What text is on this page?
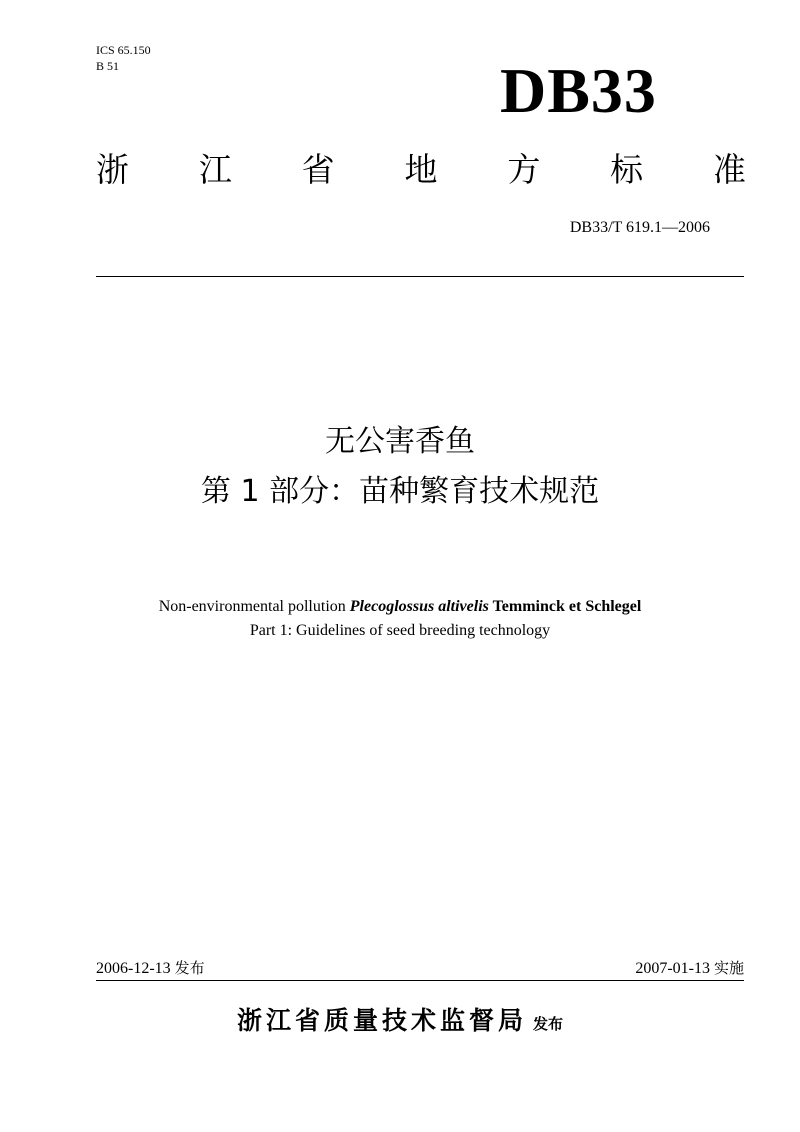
ICS 65.150
B 51	DB33
浙 江 省 地 方 标 准
DB33/T 619.1—2006
无公害香鱼
第 1 部分：苗种繁育技术规范
Non-environmental pollution Plecoglossus altivelis Temminck et Schlegel
Part 1: Guidelines of seed breeding technology
2006-12-13 发布	2007-01-13 实施
浙江省质量技术监督局 发布
